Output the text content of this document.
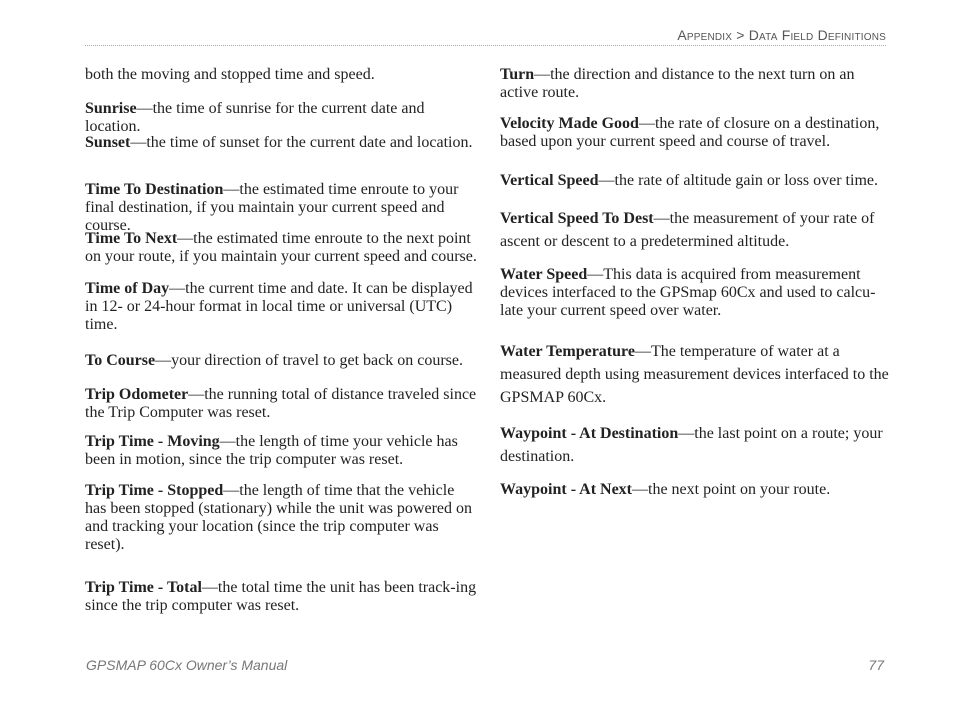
Appendix > Data Field Definitions
both the moving and stopped time and speed.
Sunrise—the time of sunrise for the current date and location.
Sunset—the time of sunset for the current date and location.
Time To Destination—the estimated time enroute to your final destination, if you maintain your current speed and course.
Time To Next—the estimated time enroute to the next point on your route, if you maintain your current speed and course.
Time of Day—the current time and date. It can be displayed in 12- or 24-hour format in local time or universal (UTC) time.
To Course—your direction of travel to get back on course.
Trip Odometer—the running total of distance traveled since the Trip Computer was reset.
Trip Time - Moving—the length of time your vehicle has been in motion, since the trip computer was reset.
Trip Time - Stopped—the length of time that the vehicle has been stopped (stationary) while the unit was powered on and tracking your location (since the trip computer was reset).
Trip Time - Total—the total time the unit has been track-ing since the trip computer was reset.
Turn—the direction and distance to the next turn on an active route.
Velocity Made Good—the rate of closure on a destination, based upon your current speed and course of travel.
Vertical Speed—the rate of altitude gain or loss over time.
Vertical Speed To Dest—the measurement of your rate of ascent or descent to a predetermined altitude.
Water Speed—This data is acquired from measurement devices interfaced to the GPSmap 60Cx and used to calcu-late your current speed over water.
Water Temperature—The temperature of water at a measured depth using measurement devices interfaced to the GPSMAP 60Cx.
Waypoint - At Destination—the last point on a route; your destination.
Waypoint - At Next—the next point on your route.
GPSMAP 60Cx Owner’s Manual	77
